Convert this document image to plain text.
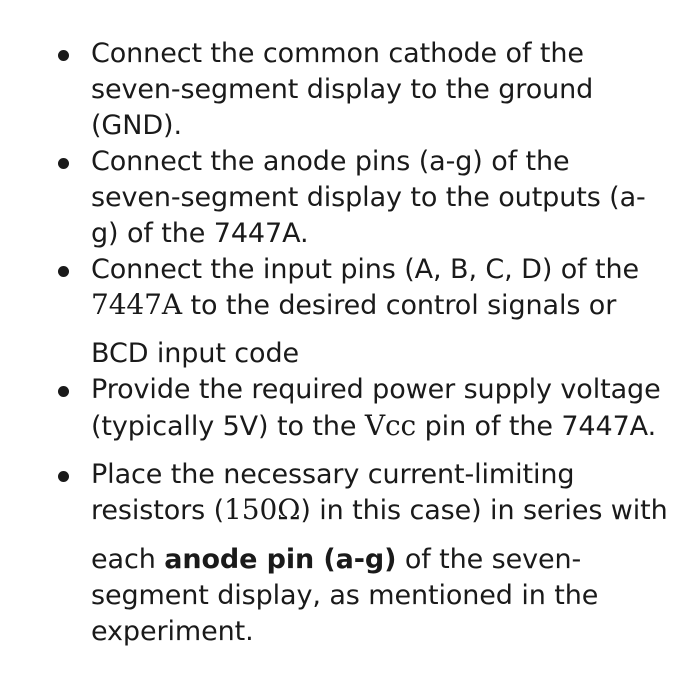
Connect the common cathode of the
seven-segment display to the ground
(GND).
Connect the anode pins (a-g) of the
seven-segment display to the outputs (a-
g) of the 7447A.
Connect the input pins (A, B, C, D) of the
7447A to the desired control signals or
BCD input code
Provide the required power supply voltage
(typically 5V) to the Vcc pin of the 7447A.
Place the necessary current-limiting
resistors (150Ω) in this case) in series with
each anode pin (a-g) of the seven-
segment display, as mentioned in the
experiment.
